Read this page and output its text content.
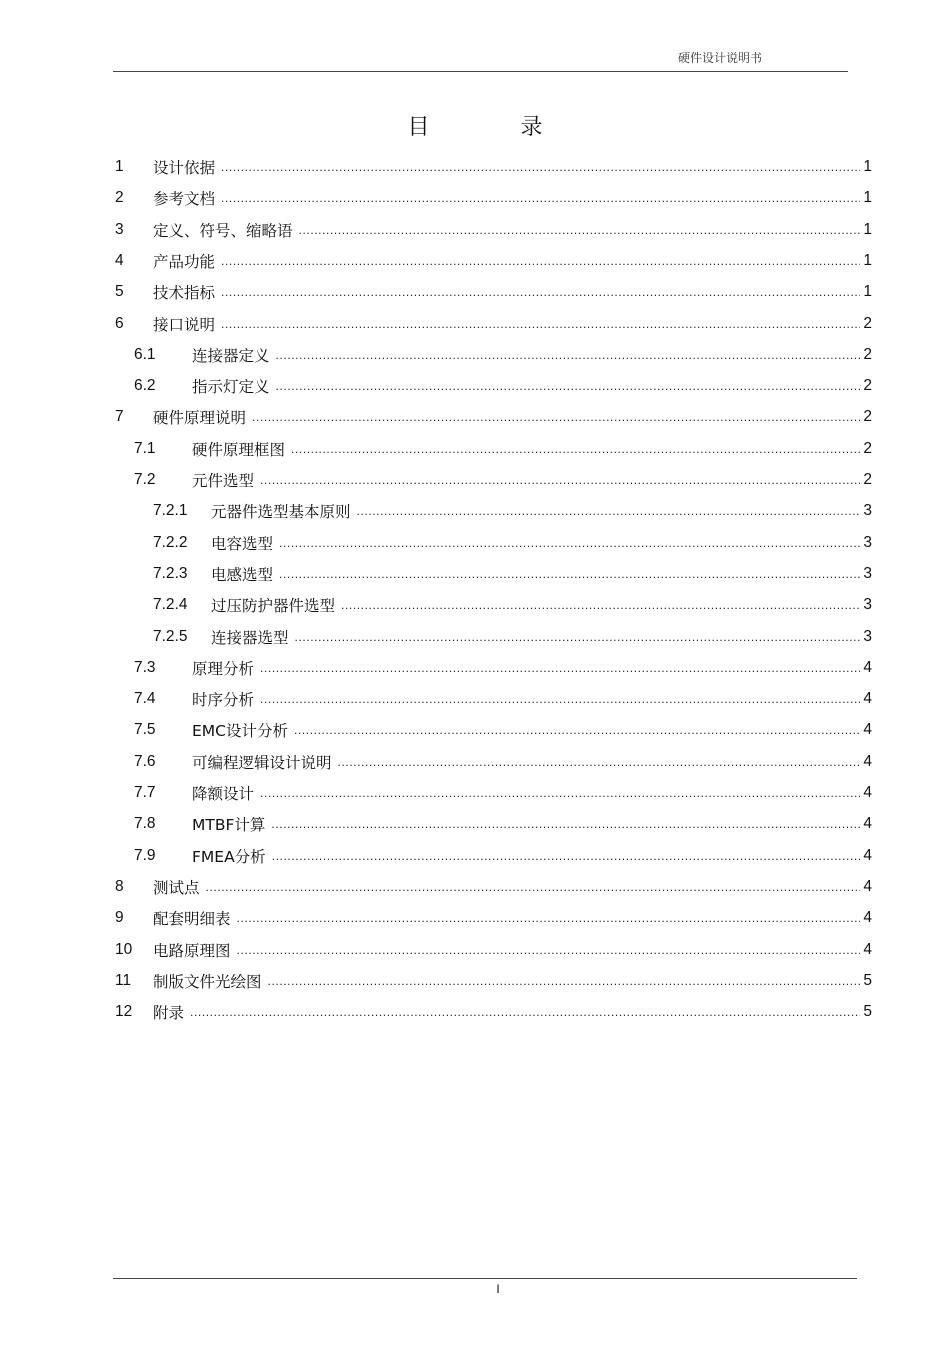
硬件设计说明书
目 录
1	设计依据 .....	1
2	参考文档 .....	1
3	定义、符号、缩略语 .....	1
4	产品功能 .....	1
5	技术指标 .....	1
6	接口说明 .....	2
6.1	连接器定义 .....	2
6.2	指示灯定义 .....	2
7	硬件原理说明 .....	2
7.1	硬件原理框图 .....	2
7.2	元件选型 .....	2
7.2.1	元器件选型基本原则 .....	3
7.2.2	电容选型 .....	3
7.2.3	电感选型 .....	3
7.2.4	过压防护器件选型 .....	3
7.2.5	连接器选型 .....	3
7.3	原理分析 .....	4
7.4	时序分析 .....	4
7.5	EMC设计分析 .....	4
7.6	可编程逻辑设计说明 .....	4
7.7	降额设计 .....	4
7.8	MTBF计算 .....	4
7.9	FMEA分析 .....	4
8	测试点 .....	4
9	配套明细表 .....	4
10	电路原理图 .....	4
11	制版文件光绘图 .....	5
12	附录 .....	5
I
